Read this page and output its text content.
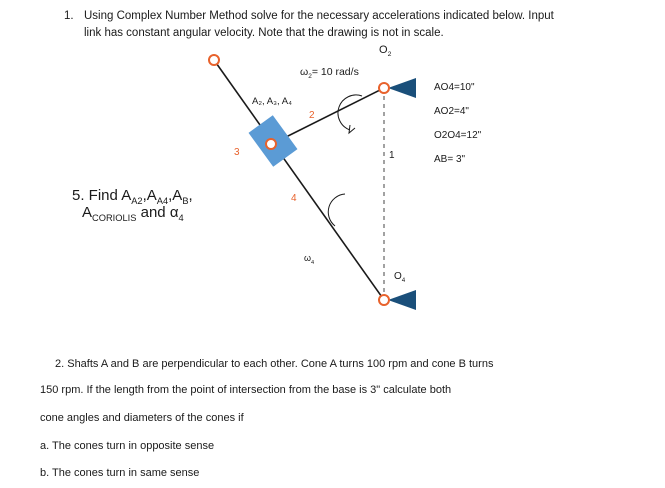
1. Using Complex Number Method solve for the necessary accelerations indicated below. Input
link has constant angular velocity. Note that the drawing is not in scale.
$O_2$
$\omega_2= 10$ rad/s
A₂, A₃, A₄
2
3
4
1
$\omega_4$
$O_4$
AO4=10"
AO2=4"
O2O4=12"
AB= 3"
5. Find $A_{A2},A_{A4},A_B$,
$A_{CORIOLIS}$ and $\alpha_4$
2. Shafts A and B are perpendicular to each other. Cone A turns 100 rpm and cone B turns
150 rpm. If the length from the point of intersection from the base is 3" calculate both
cone angles and diameters of the cones if
a. The cones turn in opposite sense
b. The cones turn in same sense
